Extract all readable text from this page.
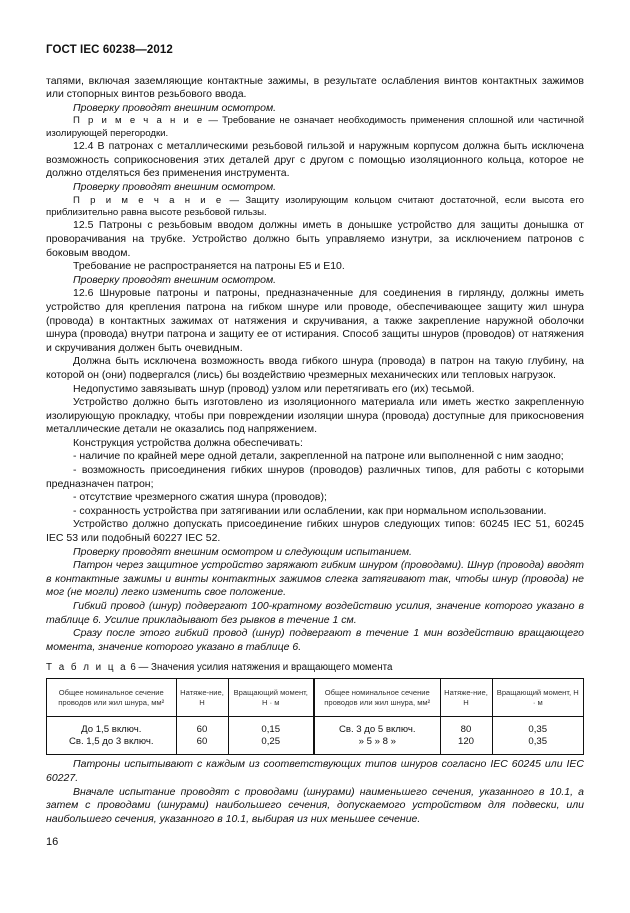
ГОСТ IEC 60238—2012

тапями, включая заземляющие контактные зажимы, в результате ослабления винтов контактных зажимов или стопорных винтов резьбового ввода.

Проверку проводят внешним осмотром.

П р и м е ч а н и е — Требование не означает необходимость применения сплошной или частичной изолирующей перегородки.

12.4 В патронах с металлическими резьбовой гильзой и наружным корпусом должна быть исключена возможность соприкосновения этих деталей друг с другом с помощью изоляционного кольца, которое не должно отделяться без применения инструмента.

Проверку проводят внешним осмотром.

П р и м е ч а н и е — Защиту изолирующим кольцом считают достаточной, если высота его приблизительно равна высоте резьбовой гильзы.

12.5 Патроны с резьбовым вводом должны иметь в донышке устройство для защиты донышка от проворачивания на трубке. Устройство должно быть управляемо изнутри, за исключением патронов с боковым вводом.

Требование не распространяется на патроны Е5 и Е10.

Проверку проводят внешним осмотром.

12.6 Шнуровые патроны и патроны, предназначенные для соединения в гирлянду, должны иметь устройство для крепления патрона на гибком шнуре или проводе, обеспечивающее защиту жил шнура (провода) в контактных зажимах от натяжения и скручивания, а также закрепление наружной оболочки шнура (провода) внутри патрона и защиту ее от истирания. Способ защиты шнуров (проводов) от натяжения и скручивания должен быть очевидным.

Должна быть исключена возможность ввода гибкого шнура (провода) в патрон на такую глубину, на которой он (они) подвергался (лись) бы воздействию чрезмерных механических или тепловых нагрузок.

Недопустимо завязывать шнур (провод) узлом или перетягивать его (их) тесьмой.

Устройство должно быть изготовлено из изоляционного материала или иметь жестко закрепленную изолирующую прокладку, чтобы при повреждении изоляции шнура (провода) доступные для прикосновения металлические детали не оказались под напряжением.

Конструкция устройства должна обеспечивать:

- наличие по крайней мере одной детали, закрепленной на патроне или выполненной с ним заодно;

- возможность присоединения гибких шнуров (проводов) различных типов, для работы с которыми предназначен патрон;

- отсутствие чрезмерного сжатия шнура (проводов);

- сохранность устройства при затягивании или ослаблении, как при нормальном использовании.

Устройство должно допускать присоединение гибких шнуров следующих типов: 60245 IEC 51, 60245 IEC 53 или подобный 60227 IEC 52.

Проверку проводят внешним осмотром и следующим испытанием.

Патрон через защитное устройство заряжают гибким шнуром (проводами). Шнур (провода) вводят в контактные зажимы и винты контактных зажимов слегка затягивают так, чтобы шнур (провода) не мог (не могли) легко изменить свое положение.

Гибкий провод (шнур) подвергают 100-кратному воздействию усилия, значение которого указано в таблице 6. Усилие прикладывают без рывков в течение 1 см.

Сразу после этого гибкий провод (шнур) подвергают в течение 1 мин воздействию вращающего момента, значение которого указано в таблице 6.

Т а б л и ц а 6 — Значения усилия натяжения и вращающего момента
Общее номинальное сечение проводов или жил шнура, мм²	Натяже-ние, Н	Вращающий момент, Н · м	Общее номинальное сечение проводов или жил шнура, мм²	Натяже-ние, Н	Вращающий момент, Н · м
До 1,5 включ.	60	0,15	Св. 3 до 5 включ.	80	0,35
Св. 1,5 до 3 включ.	60	0,25	» 5 » 8 »	120	0,35

Патроны испытывают с каждым из соответствующих типов шнуров согласно IEC 60245 или IEC 60227.

Вначале испытание проводят с проводами (шнурами) наименьшего сечения, указанного в 10.1, а затем с проводами (шнурами) наибольшего сечения, допускаемого устройством для подвески, или наибольшего сечения, указанного в 10.1, выбирая из них меньшее сечение.

16
